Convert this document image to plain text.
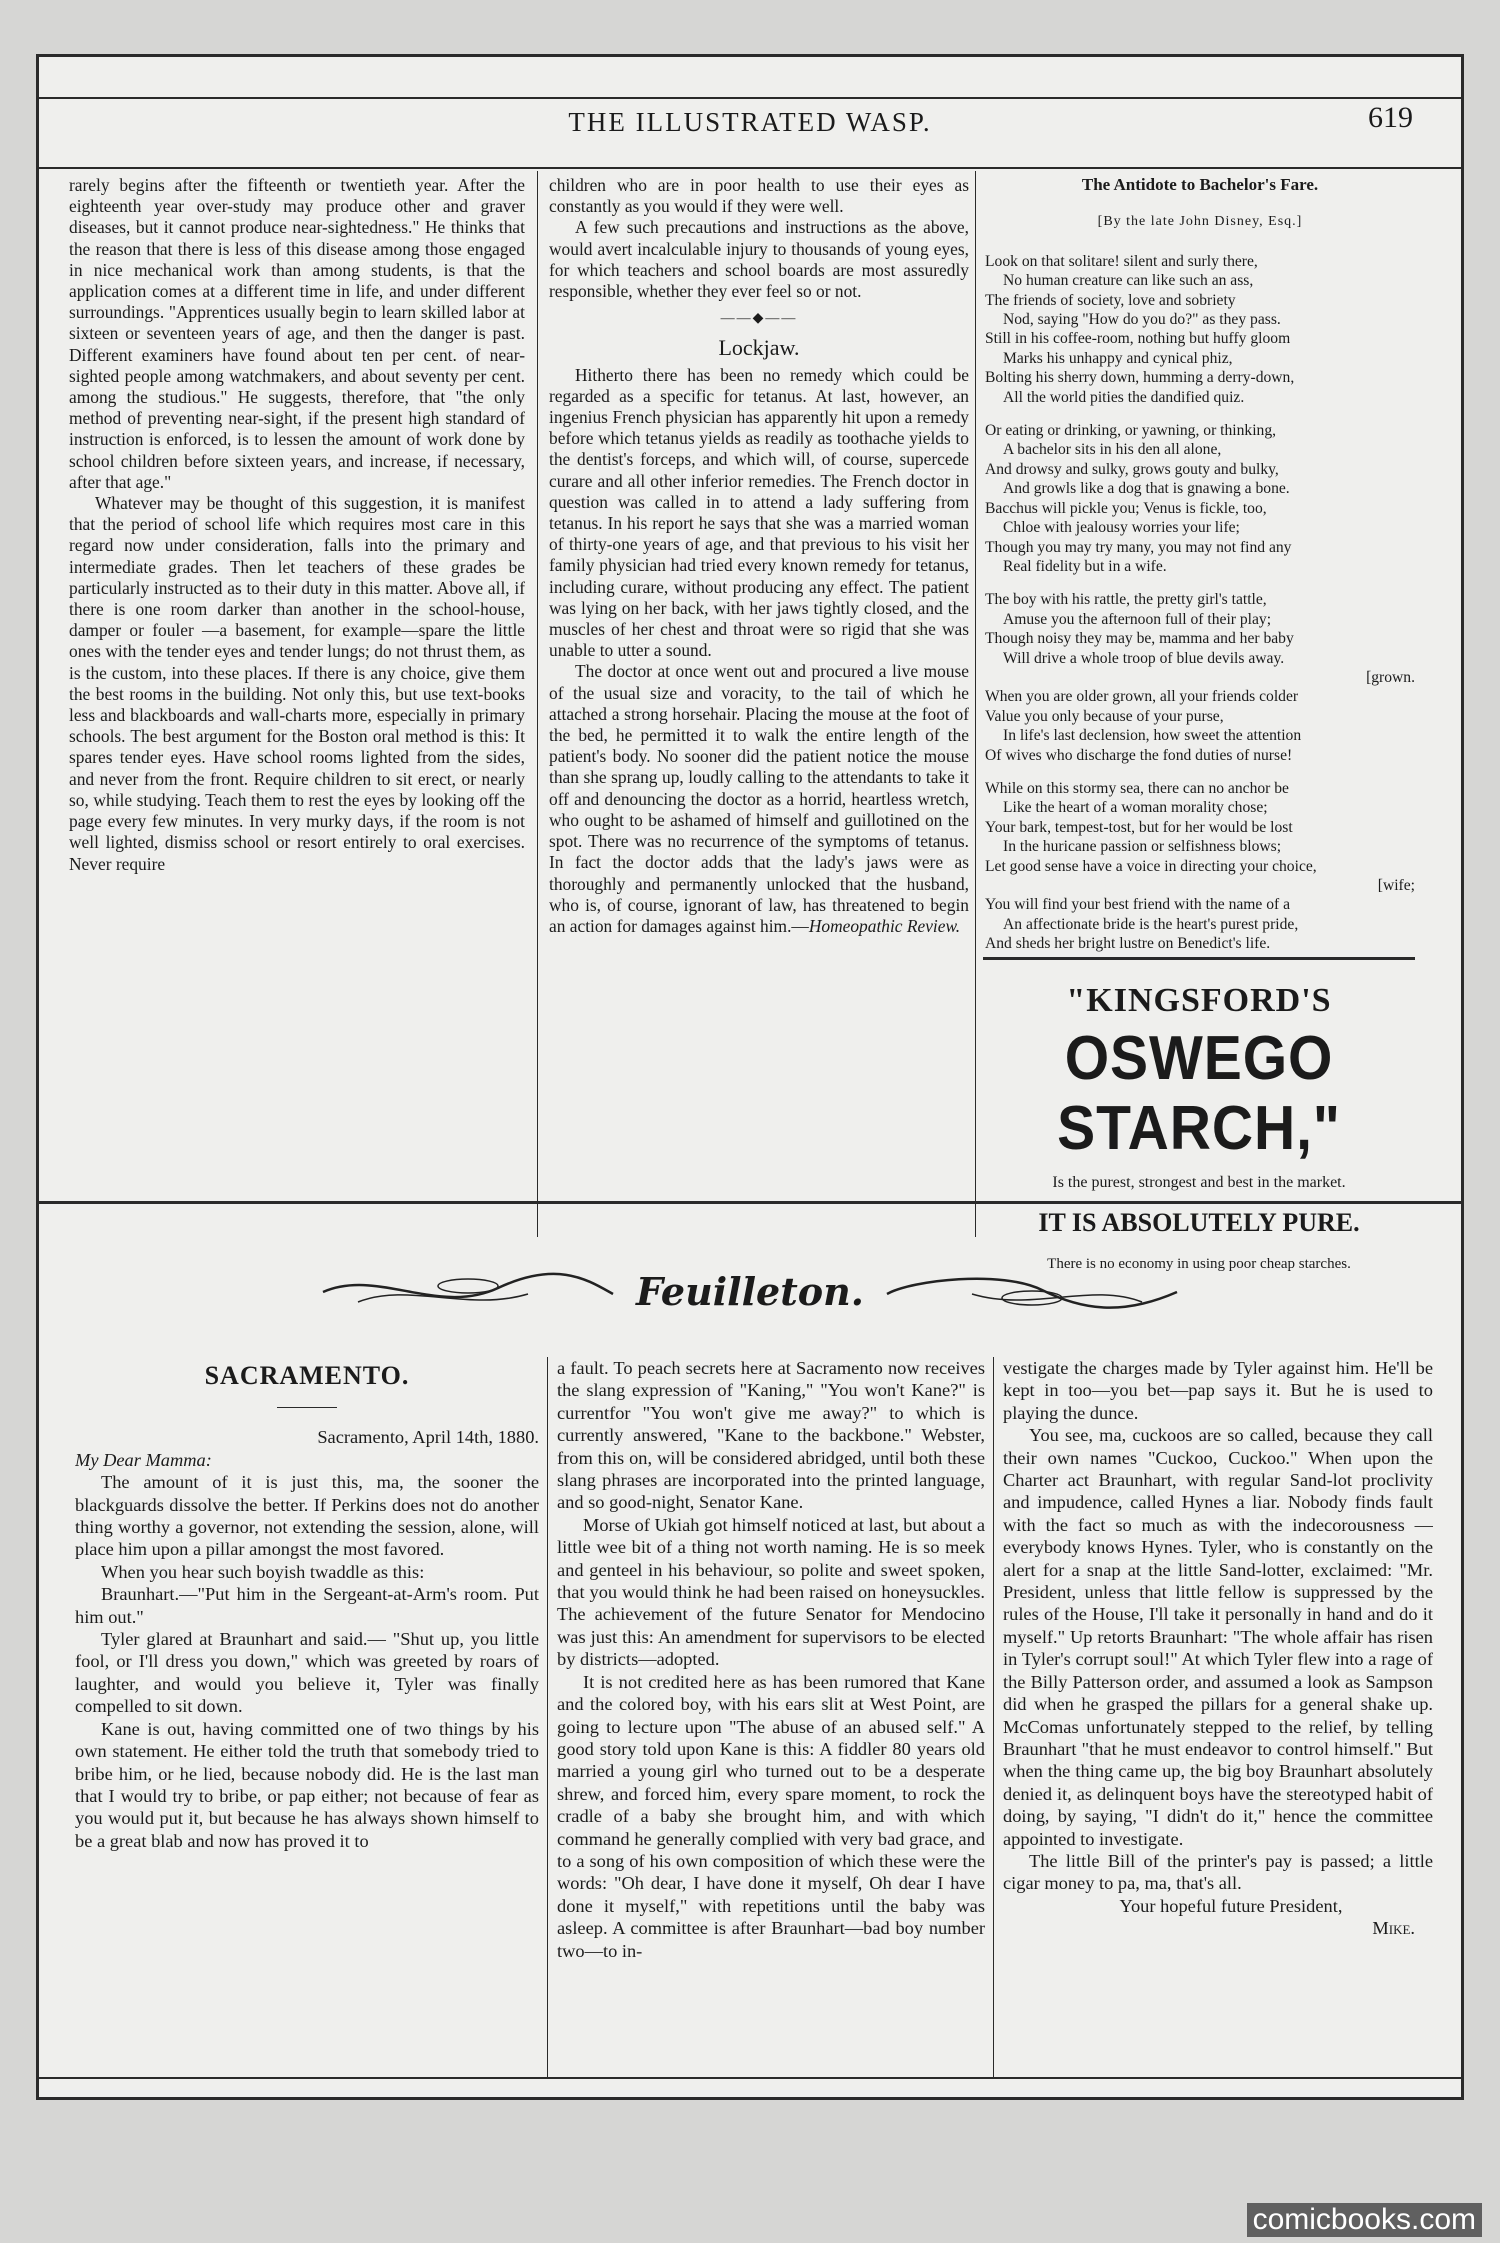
THE ILLUSTRATED WASP.	619

rarely begins after the fifteenth or twentieth year. After the eighteenth year over-study may produce other and graver diseases, but it cannot produce near-sightedness." He thinks that the reason that there is less of this disease among those engaged in nice mechanical work than among students, is that the application comes at a different time in life, and under different surroundings. "Apprentices usually begin to learn skilled labor at sixteen or seventeen years of age, and then the danger is past. Different examiners have found about ten per cent. of near-sighted people among watchmakers, and about seventy per cent. among the studious." He suggests, therefore, that "the only method of preventing near-sight, if the present high standard of instruction is enforced, is to lessen the amount of work done by school children before sixteen years, and increase, if necessary, after that age."

Whatever may be thought of this suggestion, it is manifest that the period of school life which requires most care in this regard now under consideration, falls into the primary and intermediate grades. Then let teachers of these grades be particularly instructed as to their duty in this matter. Above all, if there is one room darker than another in the school-house, damper or fouler —a basement, for example—spare the little ones with the tender eyes and tender lungs; do not thrust them, as is the custom, into these places. If there is any choice, give them the best rooms in the building. Not only this, but use text-books less and blackboards and wall-charts more, especially in primary schools. The best argument for the Boston oral method is this: It spares tender eyes. Have school rooms lighted from the sides, and never from the front. Require children to sit erect, or nearly so, while studying. Teach them to rest the eyes by looking off the page every few minutes. In very murky days, if the room is not well lighted, dismiss school or resort entirely to oral exercises. Never require

children who are in poor health to use their eyes as constantly as you would if they were well.

A few such precautions and instructions as the above, would avert incalculable injury to thousands of young eyes, for which teachers and school boards are most assuredly responsible, whether they ever feel so or not.

——◆——
Lockjaw.

Hitherto there has been no remedy which could be regarded as a specific for tetanus. At last, however, an ingenius French physician has apparently hit upon a remedy before which tetanus yields as readily as toothache yields to the dentist's forceps, and which will, of course, supercede curare and all other inferior remedies. The French doctor in question was called in to attend a lady suffering from tetanus. In his report he says that she was a married woman of thirty-one years of age, and that previous to his visit her family physician had tried every known remedy for tetanus, including curare, without producing any effect. The patient was lying on her back, with her jaws tightly closed, and the muscles of her chest and throat were so rigid that she was unable to utter a sound.

The doctor at once went out and procured a live mouse of the usual size and voracity, to the tail of which he attached a strong horsehair. Placing the mouse at the foot of the bed, he permitted it to walk the entire length of the patient's body. No sooner did the patient notice the mouse than she sprang up, loudly calling to the attendants to take it off and denouncing the doctor as a horrid, heartless wretch, who ought to be ashamed of himself and guillotined on the spot. There was no recurrence of the symptoms of tetanus. In fact the doctor adds that the lady's jaws were as thoroughly and permanently unlocked that the husband, who is, of course, ignorant of law, has threatened to begin an action for damages against him.—Homeopathic Review.

The Antidote to Bachelor's Fare.
[By the late John Disney, Esq.]
Look on that solitare! silent and surly there,
No human creature can like such an ass,
The friends of society, love and sobriety
Nod, saying "How do you do?" as they pass.
Still in his coffee-room, nothing but huffy gloom
Marks his unhappy and cynical phiz,
Bolting his sherry down, humming a derry-down,
All the world pities the dandified quiz.
Or eating or drinking, or yawning, or thinking,
A bachelor sits in his den all alone,
And drowsy and sulky, grows gouty and bulky,
And growls like a dog that is gnawing a bone.
Bacchus will pickle you; Venus is fickle, too,
Chloe with jealousy worries your life;
Though you may try many, you may not find any
Real fidelity but in a wife.
The boy with his rattle, the pretty girl's tattle,
Amuse you the afternoon full of their play;
Though noisy they may be, mamma and her baby
Will drive a whole troop of blue devils away.
[grown.
When you are older grown, all your friends colder
Value you only because of your purse,
In life's last declension, how sweet the attention
Of wives who discharge the fond duties of nurse!
While on this stormy sea, there can no anchor be
Like the heart of a woman morality chose;
Your bark, tempest-tost, but for her would be lost
In the huricane passion or selfishness blows;
Let good sense have a voice in directing your choice,
[wife;
You will find your best friend with the name of a
An affectionate bride is the heart's purest pride,
And sheds her bright lustre on Benedict's life.
"KINGSFORD'S
OSWEGO STARCH,"
Is the purest, strongest and best in the market.
IT IS ABSOLUTELY PURE.
There is no economy in using poor cheap starches.
Feuilleton.
SACRAMENTO.

Sacramento, April 14th, 1880.

My Dear Mamma:

The amount of it is just this, ma, the sooner the blackguards dissolve the better. If Perkins does not do another thing worthy a governor, not extending the session, alone, will place him upon a pillar amongst the most favored.

When you hear such boyish twaddle as this:

Braunhart.—"Put him in the Sergeant-at-Arm's room. Put him out."

Tyler glared at Braunhart and said.— "Shut up, you little fool, or I'll dress you down," which was greeted by roars of laughter, and would you believe it, Tyler was finally compelled to sit down.

Kane is out, having committed one of two things by his own statement. He either told the truth that somebody tried to bribe him, or he lied, because nobody did. He is the last man that I would try to bribe, or pap either; not because of fear as you would put it, but because he has always shown himself to be a great blab and now has proved it to

a fault. To peach secrets here at Sacramento now receives the slang expression of "Kaning," "You won't Kane?" is currentfor "You won't give me away?" to which is currently answered, "Kane to the backbone." Webster, from this on, will be considered abridged, until both these slang phrases are incorporated into the printed language, and so good-night, Senator Kane.

Morse of Ukiah got himself noticed at last, but about a little wee bit of a thing not worth naming. He is so meek and genteel in his behaviour, so polite and sweet spoken, that you would think he had been raised on honeysuckles. The achievement of the future Senator for Mendocino was just this: An amendment for supervisors to be elected by districts—adopted.

It is not credited here as has been rumored that Kane and the colored boy, with his ears slit at West Point, are going to lecture upon "The abuse of an abused self." A good story told upon Kane is this: A fiddler 80 years old married a young girl who turned out to be a desperate shrew, and forced him, every spare moment, to rock the cradle of a baby she brought him, and with which command he generally complied with very bad grace, and to a song of his own composition of which these were the words: "Oh dear, I have done it myself, Oh dear I have done it myself," with repetitions until the baby was asleep. A committee is after Braunhart—bad boy number two—to in-

vestigate the charges made by Tyler against him. He'll be kept in too—you bet—pap says it. But he is used to playing the dunce.

You see, ma, cuckoos are so called, because they call their own names "Cuckoo, Cuckoo." When upon the Charter act Braunhart, with regular Sand-lot proclivity and impudence, called Hynes a liar. Nobody finds fault with the fact so much as with the indecorousness — everybody knows Hynes. Tyler, who is constantly on the alert for a snap at the little Sand-lotter, exclaimed: "Mr. President, unless that little fellow is suppressed by the rules of the House, I'll take it personally in hand and do it myself." Up retorts Braunhart: "The whole affair has risen in Tyler's corrupt soul!" At which Tyler flew into a rage of the Billy Patterson order, and assumed a look as Sampson did when he grasped the pillars for a general shake up. McComas unfortunately stepped to the relief, by telling Braunhart "that he must endeavor to control himself." But when the thing came up, the big boy Braunhart absolutely denied it, as delinquent boys have the stereotyped habit of doing, by saying, "I didn't do it," hence the committee appointed to investigate.

The little Bill of the printer's pay is passed; a little cigar money to pa, ma, that's all.

Your hopeful future President,

Mike.

comicbooks.com
